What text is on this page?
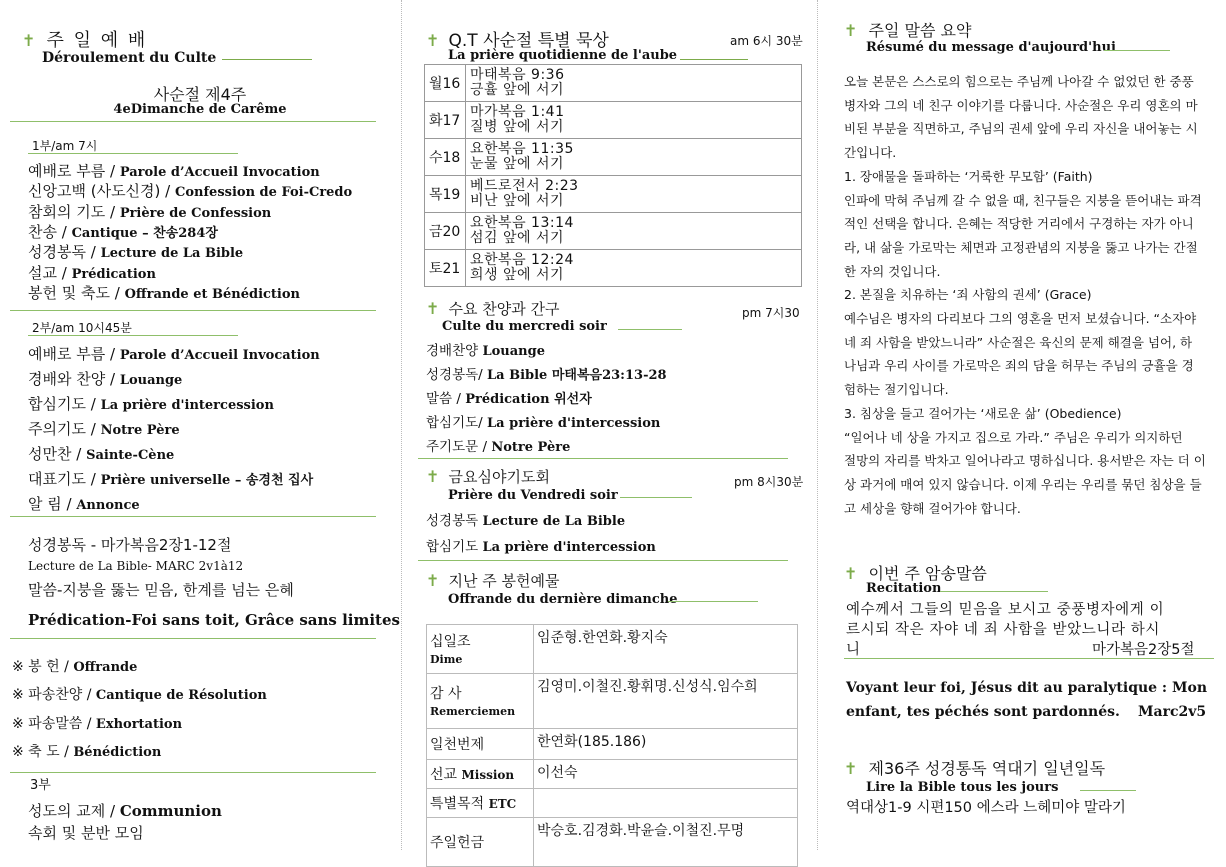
✝ 주 일 예 배
Déroulement du Culte
사순절 제4주
4eDimanche de Carême
1부/am 7시
예배로 부름 / Parole d’Accueil Invocation
신앙고백 (사도신경) / Confession de Foi-Credo
참회의 기도 / Prière de Confession
찬송 / Cantique – 찬송284장
성경봉독 / Lecture de La Bible
설교 / Prédication
봉헌 및 축도 / Offrande et Bénédiction
2부/am 10시45분
예배로 부름 / Parole d’Accueil Invocation
경배와 찬양 / Louange
합심기도 / La prière d'intercession
주의기도 / Notre Père
성만찬 / Sainte-Cène
대표기도 / Prière universelle – 송경천 집사
알 림 / Annonce
성경봉독 - 마가복음2장1-12절
Lecture de La Bible- MARC 2v1à12
말씀-지붕을 뚫는 믿음, 한계를 넘는 은혜
Prédication-Foi sans toit, Grâce sans limites
※ 봉 헌 / Offrande
※ 파송찬양 / Cantique de Résolution
※ 파송말씀 / Exhortation
※ 축 도 / Bénédiction
3부
성도의 교제 / Communion
속회 및 분반 모임
✝ Q.T 사순절 특별 묵상	am 6시 30분
La prière quotidienne de l'aube
월16	마태복음 9:36
긍휼 앞에 서기

화17	마가복음 1:41
질병 앞에 서기

수18	요한복음 11:35
눈물 앞에 서기

목19	베드로전서 2:23
비난 앞에 서기

금20	요한복음 13:14
섬김 앞에 서기

토21	요한복음 12:24
희생 앞에 서기
✝ 수요 찬양과 간구	pm 7시30
Culte du mercredi soir
경배찬양 Louange
성경봉독/ La Bible 마태복음23:13-28
말씀 / Prédication 위선자
합심기도/ La prière d'intercession
주기도문 / Notre Père
✝ 금요심야기도회	pm 8시30분
Prière du Vendredi soir
성경봉독 Lecture de La Bible
합심기도 La prière d'intercession
✝ 지난 주 봉헌예물
Offrande du dernière dimanche
십일조
Dime	임준형.한연화.황지숙
감 사
Remerciemen	김영미.이철진.황휘명.신성식.임수희
일천번제	한연화(185.186)
선교 Mission	이선숙
특별목적 ETC	
주일헌금	박승호.김경화.박윤슬.이철진.무명
✝ 주일 말씀 요약
Résumé du message d'aujourd'hui
오늘 본문은 스스로의 힘으로는 주님께 나아갈 수 없었던 한 중풍
병자와 그의 네 친구 이야기를 다룹니다. 사순절은 우리 영혼의 마
비된 부분을 직면하고, 주님의 권세 앞에 우리 자신을 내어놓는 시
간입니다.
1. 장애물을 돌파하는 ‘거룩한 무모함’ (Faith)
인파에 막혀 주님께 갈 수 없을 때, 친구들은 지붕을 뜯어내는 파격
적인 선택을 합니다. 은혜는 적당한 거리에서 구경하는 자가 아니
라, 내 삶을 가로막는 체면과 고정관념의 지붕을 뚫고 나가는 간절
한 자의 것입니다.
2. 본질을 치유하는 ‘죄 사함의 권세’ (Grace)
예수님은 병자의 다리보다 그의 영혼을 먼저 보셨습니다. “소자야
네 죄 사함을 받았느니라” 사순절은 육신의 문제 해결을 넘어, 하
나님과 우리 사이를 가로막은 죄의 담을 허무는 주님의 긍휼을 경
험하는 절기입니다.
3. 침상을 들고 걸어가는 ‘새로운 삶’ (Obedience)
“일어나 네 상을 가지고 집으로 가라.” 주님은 우리가 의지하던
절망의 자리를 박차고 일어나라고 명하십니다. 용서받은 자는 더 이
상 과거에 매여 있지 않습니다. 이제 우리는 우리를 묶던 침상을 들
고 세상을 향해 걸어가야 합니다.
✝ 이번 주 암송말씀
Recitation
예수께서 그들의 믿음을 보시고 중풍병자에게 이
르시되 작은 자야 네 죄 사함을 받았느니라 하시
니	마가복음2장5절
Voyant leur foi, Jésus dit au paralytique : Mon
enfant, tes péchés sont pardonnés. Marc2v5
✝ 제36주 성경통독 역대기 일년일독
Lire la Bible tous les jours
역대상1-9 시편150 에스라 느헤미야 말라기
